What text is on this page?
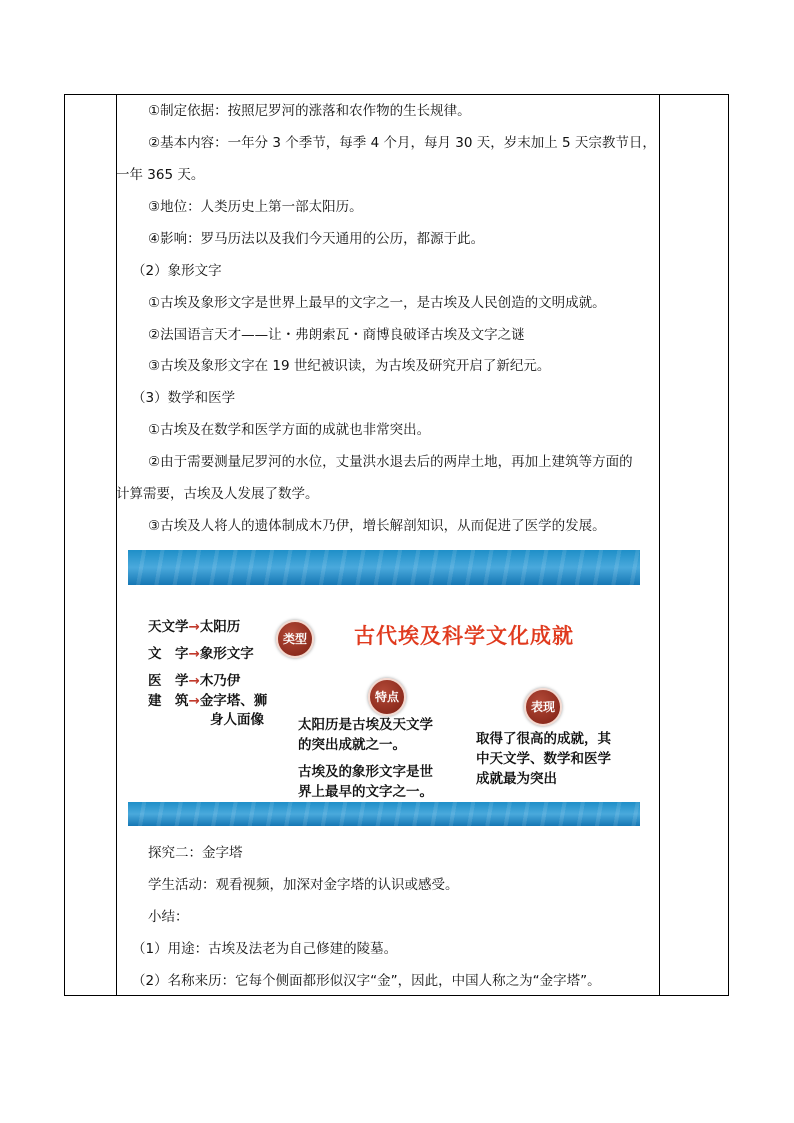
①制定依据：按照尼罗河的涨落和农作物的生长规律。
②基本内容：一年分 3 个季节，每季 4 个月，每月 30 天，岁末加上 5 天宗教节日，
一年 365 天。
③地位：人类历史上第一部太阳历。
④影响：罗马历法以及我们今天通用的公历，都源于此。
（2）象形文字
①古埃及象形文字是世界上最早的文字之一，是古埃及人民创造的文明成就。
②法国语言天才——让・弗朗索瓦・商博良破译古埃及文字之谜
③古埃及象形文字在 19 世纪被识读，为古埃及研究开启了新纪元。
（3）数学和医学
①古埃及在数学和医学方面的成就也非常突出。
②由于需要测量尼罗河的水位，丈量洪水退去后的两岸土地，再加上建筑等方面的
计算需要，古埃及人发展了数学。
③古埃及人将人的遗体制成木乃伊，增长解剖知识，从而促进了医学的发展。
探究二：金字塔
学生活动：观看视频，加深对金字塔的认识或感受。
小结：
（1）用途：古埃及法老为自己修建的陵墓。
（2）名称来历：它每个侧面都形似汉字“金”，因此，中国人称之为“金字塔”。
古代埃及科学文化成就
类型
特点
表现
天文学→太阳历
文　字→象形文字
医　学→木乃伊
建　筑→金字塔、狮
身人面像	太阳历是古埃及天文学
的突出成就之一。
古埃及的象形文字是世
界上最早的文字之一。
取得了很高的成就，其
中天文学、数学和医学
成就最为突出
